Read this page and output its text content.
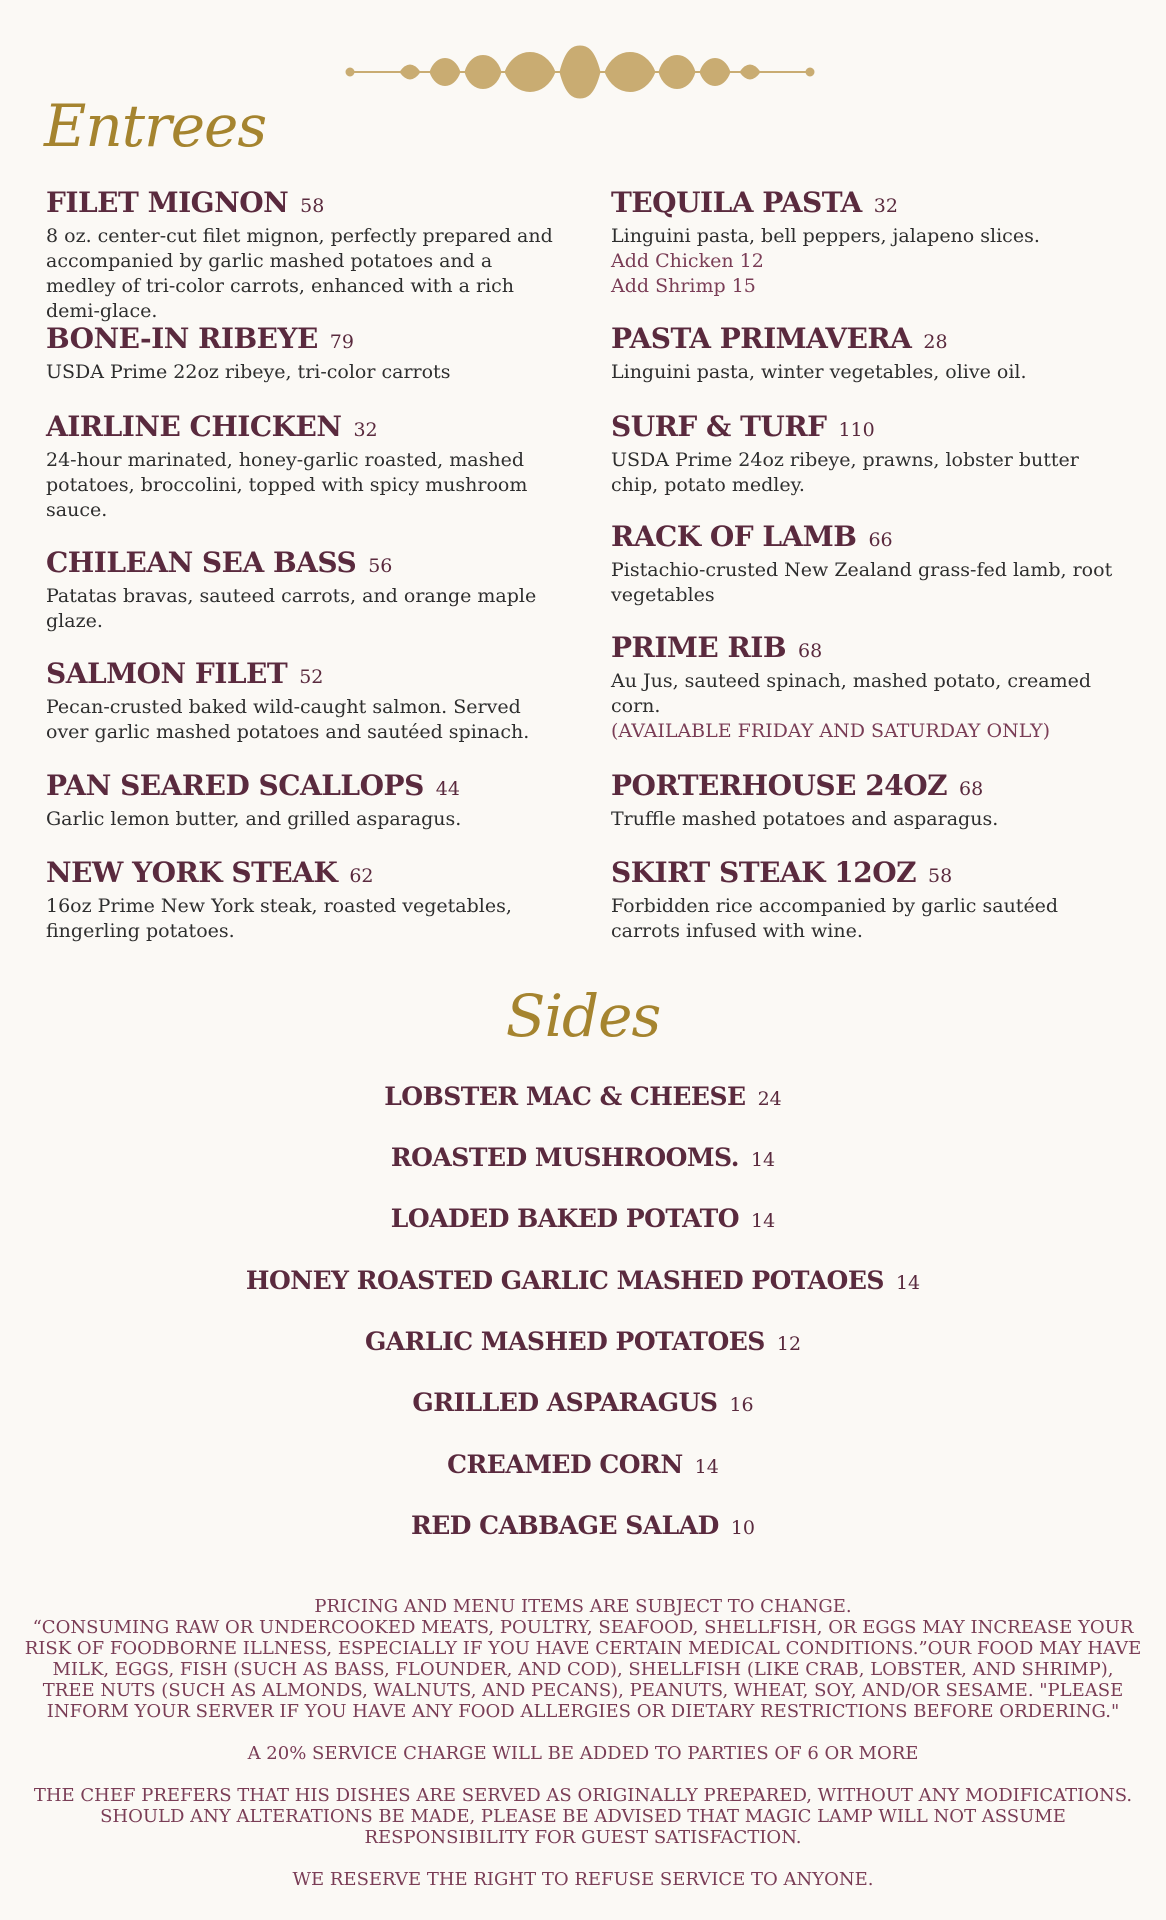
Entrees
FILET MIGNON 58
8 oz. center-cut filet mignon, perfectly prepared and accompanied by garlic mashed potatoes and a medley of tri-color carrots, enhanced with a rich demi-glace.
BONE-IN RIBEYE 79
USDA Prime 22oz ribeye, tri-color carrots
AIRLINE CHICKEN 32
24-hour marinated, honey-garlic roasted, mashed potatoes, broccolini, topped with spicy mushroom sauce.
CHILEAN SEA BASS 56
Patatas bravas, sauteed carrots, and orange maple glaze.
SALMON FILET 52
Pecan-crusted baked wild-caught salmon. Served over garlic mashed potatoes and sautéed spinach.
PAN SEARED SCALLOPS 44
Garlic lemon butter, and grilled asparagus.
NEW YORK STEAK 62
16oz Prime New York steak, roasted vegetables, fingerling potatoes.
TEQUILA PASTA 32
Linguini pasta, bell peppers, jalapeno slices.
Add Chicken 12
Add Shrimp 15
PASTA PRIMAVERA 28
Linguini pasta, winter vegetables, olive oil.
SURF & TURF 110
USDA Prime 24oz ribeye, prawns, lobster butter chip, potato medley.
RACK OF LAMB 66
Pistachio-crusted New Zealand grass-fed lamb, root vegetables
PRIME RIB 68
Au Jus, sauteed spinach, mashed potato, creamed corn.
(AVAILABLE FRIDAY AND SATURDAY ONLY)
PORTERHOUSE 24OZ 68
Truffle mashed potatoes and asparagus.
SKIRT STEAK 12OZ 58
Forbidden rice accompanied by garlic sautéed carrots infused with wine.
Sides
LOBSTER MAC & CHEESE 24
ROASTED MUSHROOMS. 14
LOADED BAKED POTATO 14
HONEY ROASTED GARLIC MASHED POTAOES 14
GARLIC MASHED POTATOES 12
GRILLED ASPARAGUS 16
CREAMED CORN 14
RED CABBAGE SALAD 10

PRICING AND MENU ITEMS ARE SUBJECT TO CHANGE.

“CONSUMING RAW OR UNDERCOOKED MEATS, POULTRY, SEAFOOD, SHELLFISH, OR EGGS MAY INCREASE YOUR RISK OF FOODBORNE ILLNESS, ESPECIALLY IF YOU HAVE CERTAIN MEDICAL CONDITIONS.”OUR FOOD MAY HAVE MILK, EGGS, FISH (SUCH AS BASS, FLOUNDER, AND COD), SHELLFISH (LIKE CRAB, LOBSTER, AND SHRIMP), TREE NUTS (SUCH AS ALMONDS, WALNUTS, AND PECANS), PEANUTS, WHEAT, SOY, AND/OR SESAME. "PLEASE INFORM YOUR SERVER IF YOU HAVE ANY FOOD ALLERGIES OR DIETARY RESTRICTIONS BEFORE ORDERING."

A 20% SERVICE CHARGE WILL BE ADDED TO PARTIES OF 6 OR MORE

THE CHEF PREFERS THAT HIS DISHES ARE SERVED AS ORIGINALLY PREPARED, WITHOUT ANY MODIFICATIONS. SHOULD ANY ALTERATIONS BE MADE, PLEASE BE ADVISED THAT MAGIC LAMP WILL NOT ASSUME RESPONSIBILITY FOR GUEST SATISFACTION.

WE RESERVE THE RIGHT TO REFUSE SERVICE TO ANYONE.
